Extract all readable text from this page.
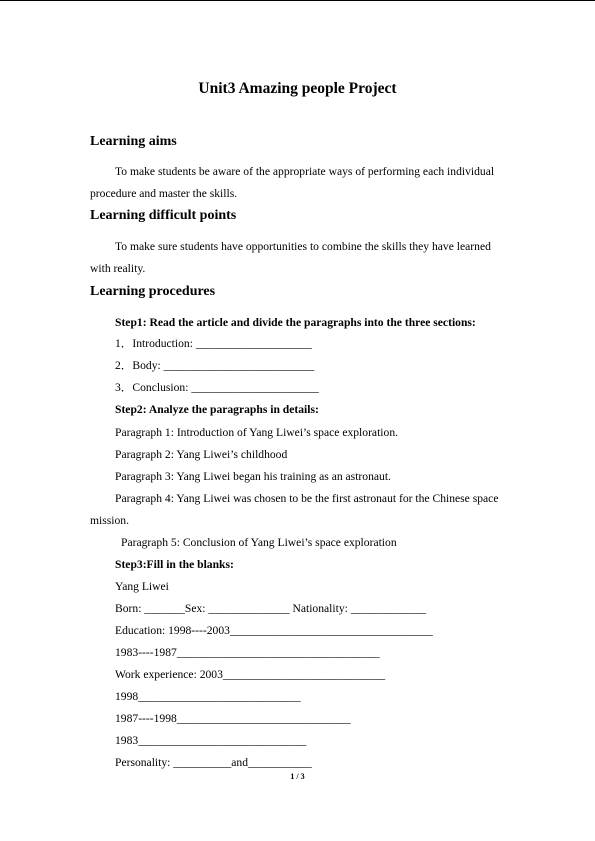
Unit3 Amazing people Project
Learning aims
To make students be aware of the appropriate ways of performing each individual
procedure and master the skills.
Learning difficult points
To make sure students have opportunities to combine the skills they have learned
with reality.
Learning procedures
Step1: Read the article and divide the paragraphs into the three sections:
1．Introduction: ____________________
2．Body: __________________________
3．Conclusion: ______________________
Step2: Analyze the paragraphs in details:
Paragraph 1: Introduction of Yang Liwei’s space exploration.
Paragraph 2: Yang Liwei’s childhood
Paragraph 3: Yang Liwei began his training as an astronaut.
Paragraph 4: Yang Liwei was chosen to be the first astronaut for the Chinese space
mission.
Paragraph 5: Conclusion of Yang Liwei’s space exploration
Step3:Fill in the blanks:
Yang Liwei
Born: _______Sex: ______________ Nationality: _____________
Education: 1998----2003___________________________________
1983----1987___________________________________
Work experience: 2003____________________________
1998____________________________
1987----1998______________________________
1983_____________________________
Personality: __________and___________
1 / 3
